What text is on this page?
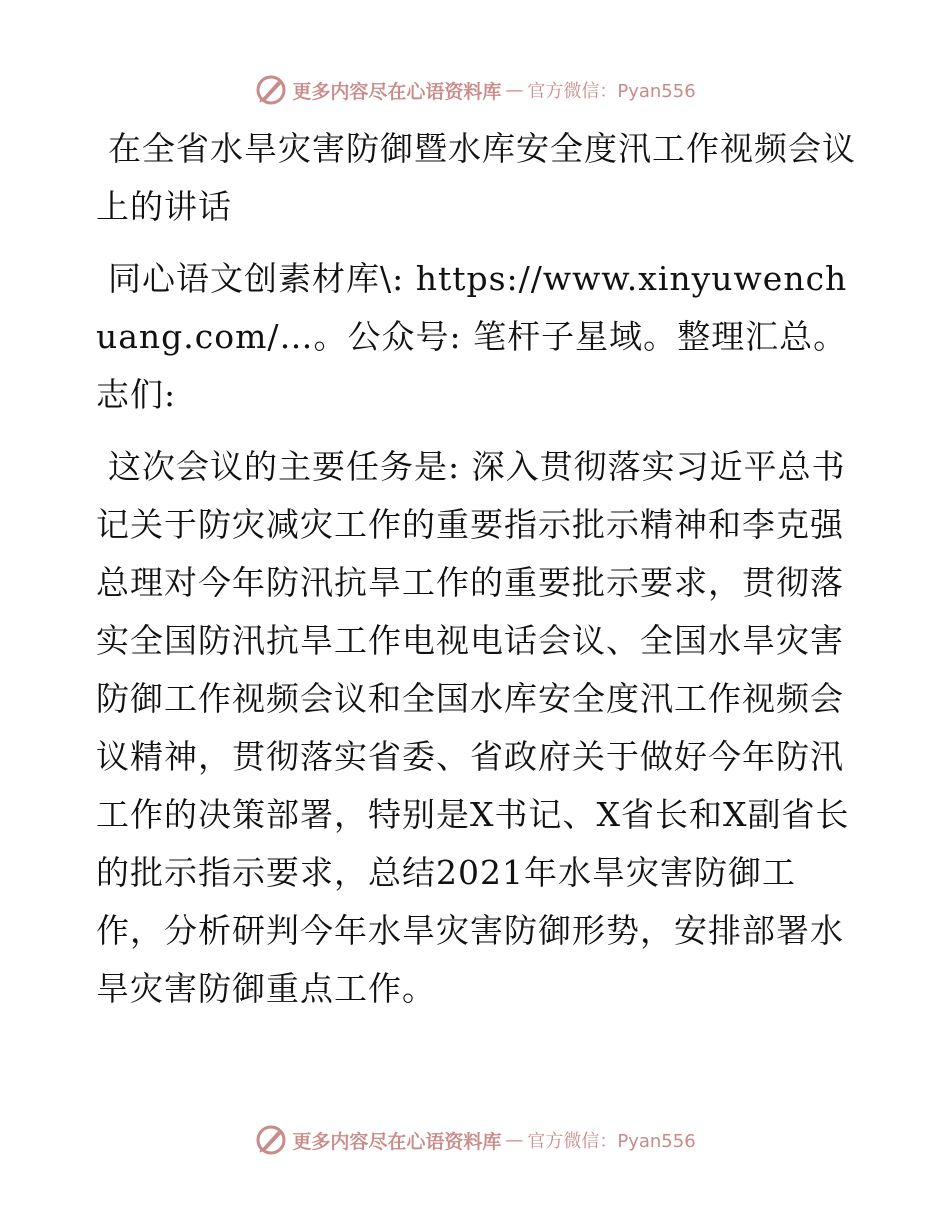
更多内容尽在心语资料库 — 官方微信：Pyan556

在全省水旱灾害防御暨水库安全度汛工作视频会议上的讲话

同心语文创素材库\: https://www.xinyuwenchuang.com/…。公众号: 笔杆子星域。整理汇总。志们:

这次会议的主要任务是: 深入贯彻落实习近平总书记关于防灾减灾工作的重要指示批示精神和李克强总理对今年防汛抗旱工作的重要批示要求，贯彻落实全国防汛抗旱工作电视电话会议、全国水旱灾害防御工作视频会议和全国水库安全度汛工作视频会议精神，贯彻落实省委、省政府关于做好今年防汛工作的决策部署，特别是X书记、X省长和X副省长的批示指示要求，总结2021年水旱灾害防御工作，分析研判今年水旱灾害防御形势，安排部署水旱灾害防御重点工作。

更多内容尽在心语资料库 — 官方微信：Pyan556
